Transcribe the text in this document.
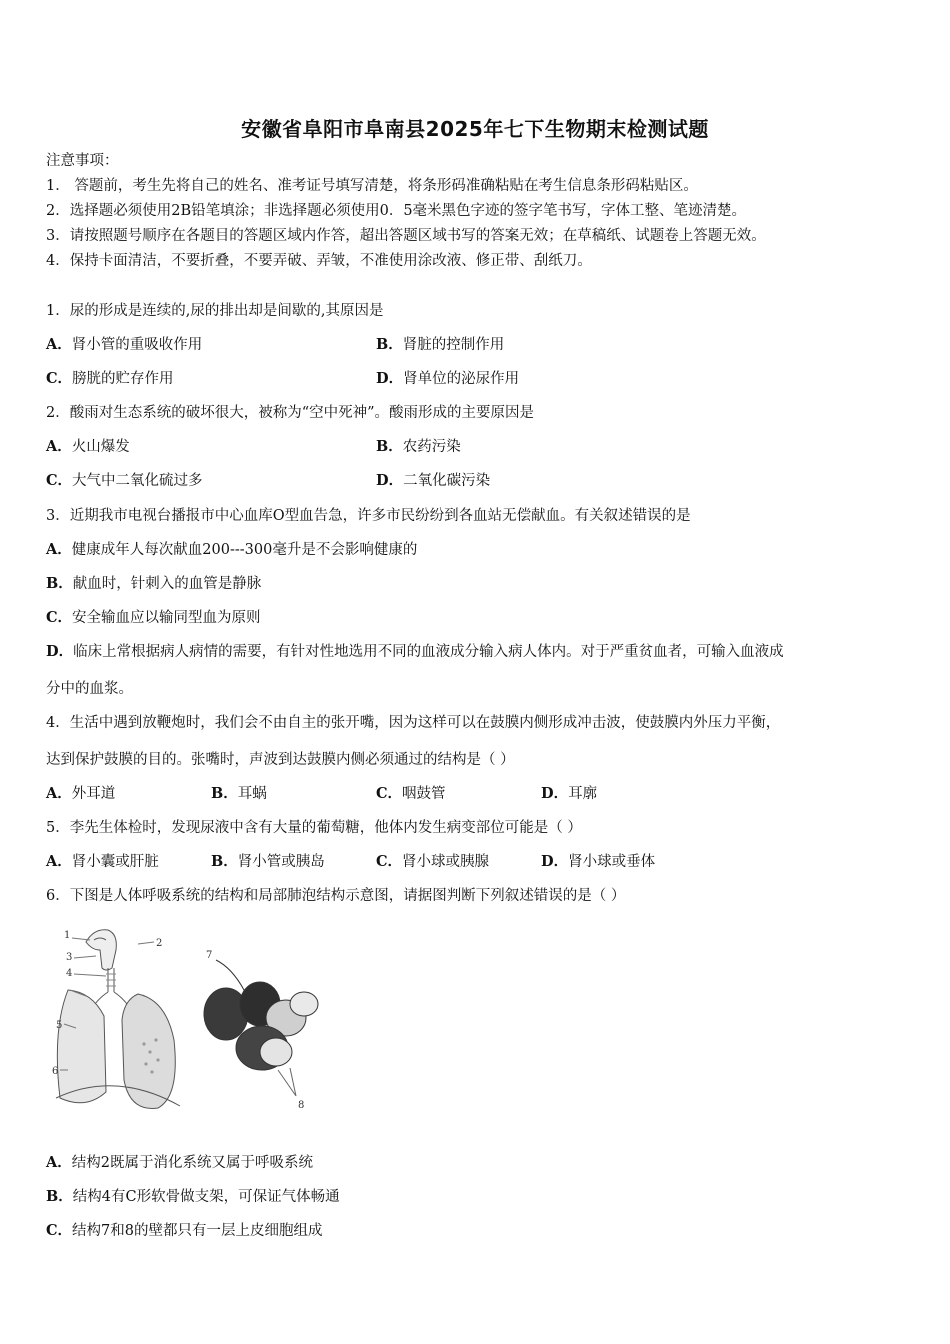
安徽省阜阳市阜南县2025年七下生物期末检测试题
注意事项：
1． 答题前，考生先将自己的姓名、准考证号填写清楚，将条形码准确粘贴在考生信息条形码粘贴区。
2．选择题必须使用2B铅笔填涂；非选择题必须使用0．5毫米黑色字迹的签字笔书写，字体工整、笔迹清楚。
3．请按照题号顺序在各题目的答题区域内作答，超出答题区域书写的答案无效；在草稿纸、试题卷上答题无效。
4．保持卡面清洁，不要折叠，不要弄破、弄皱，不准使用涂改液、修正带、刮纸刀。
1．尿的形成是连续的,尿的排出却是间歇的,其原因是
A．肾小管的重吸收作用	B．肾脏的控制作用
C．膀胱的贮存作用	D．肾单位的泌尿作用
2．酸雨对生态系统的破坏很大，被称为“空中死神”。酸雨形成的主要原因是
A．火山爆发	B．农药污染
C．大气中二氧化硫过多	D．二氧化碳污染
3．近期我市电视台播报市中心血库O型血告急，许多市民纷纷到各血站无偿献血。有关叙述错误的是
A．健康成年人每次献血200---300毫升是不会影响健康的
B．献血时，针刺入的血管是静脉
C．安全输血应以输同型血为原则
D．临床上常根据病人病情的需要，有针对性地选用不同的血液成分输入病人体内。对于严重贫血者，可输入血液成
分中的血浆。
4．生活中遇到放鞭炮时，我们会不由自主的张开嘴，因为这样可以在鼓膜内侧形成冲击波，使鼓膜内外压力平衡，
达到保护鼓膜的目的。张嘴时，声波到达鼓膜内侧必须通过的结构是（ ）
A．外耳道	B．耳蜗	C．咽鼓管	D．耳廓
5．李先生体检时，发现尿液中含有大量的葡萄糖，他体内发生病变部位可能是（ ）
A．肾小囊或肝脏	B．肾小管或胰岛	C．肾小球或胰腺	D．肾小球或垂体
6．下图是人体呼吸系统的结构和局部肺泡结构示意图，请据图判断下列叙述错误的是（ ）
1
2
3
4
5
6
7
8
A．结构2既属于消化系统又属于呼吸系统
B．结构4有C形软骨做支架，可保证气体畅通
C．结构7和8的壁都只有一层上皮细胞组成
